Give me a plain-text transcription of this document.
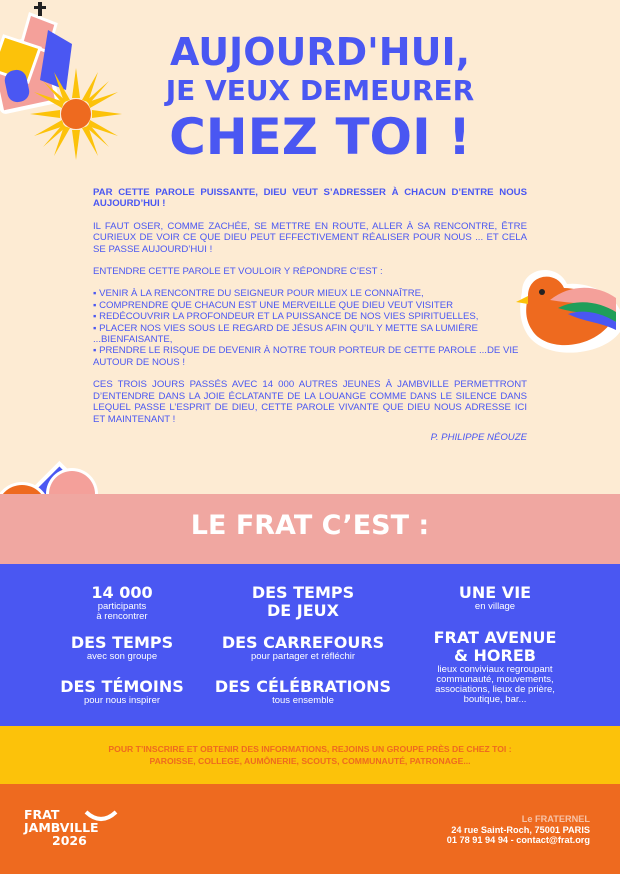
AUJOURD'HUI,
JE VEUX DEMEURER
CHEZ TOI !

PAR CETTE PAROLE PUISSANTE, DIEU VEUT S’ADRESSER À CHACUN D’ENTRE NOUS AUJOURD’HUI !

IL FAUT OSER, COMME ZACHÉE, SE METTRE EN ROUTE, ALLER À SA RENCONTRE, ÊTRE CURIEUX DE VOIR CE QUE DIEU PEUT EFFECTIVEMENT RÉALISER POUR NOUS ... ET CELA SE PASSE AUJOURD’HUI !

ENTENDRE CETTE PAROLE ET VOULOIR Y RÉPONDRE C’EST :

▪ VENIR À LA RENCONTRE DU SEIGNEUR POUR MIEUX LE CONNAÎTRE,

▪ COMPRENDRE QUE CHACUN EST UNE MERVEILLE QUE DIEU VEUT VISITER

▪ REDÉCOUVRIR LA PROFONDEUR ET LA PUISSANCE DE NOS VIES SPIRITUELLES,

▪ PLACER NOS VIES SOUS LE REGARD DE JÉSUS AFIN QU’IL Y METTE SA LUMIÈRE ...BIENFAISANTE,

▪ PRENDRE LE RISQUE DE DEVENIR À NOTRE TOUR PORTEUR DE CETTE PAROLE ...DE VIE AUTOUR DE NOUS !

CES TROIS JOURS PASSÉS AVEC 14 000 AUTRES JEUNES À JAMBVILLE PERMETTRONT D’ENTENDRE DANS LA JOIE ÉCLATANTE DE LA LOUANGE COMME DANS LE SILENCE DANS LEQUEL PASSE L’ESPRIT DE DIEU, CETTE PAROLE VIVANTE QUE DIEU NOUS ADRESSE ICI ET MAINTENANT !

P. PHILIPPE NÉOUZE

LE FRAT C’EST :
14 000
participants
à rencontrer
DES TEMPS
DE JEUX
UNE VIE
en village
DES TEMPS
avec son groupe
DES CARREFOURS
pour partager et réfléchir
FRAT AVENUE
& HOREB
lieux conviviaux regroupant
communauté, mouvements,
associations, lieux de prière,
boutique, bar...
DES TÉMOINS
pour nous inspirer
DES CÉLÉBRATIONS
tous ensemble
POUR T’INSCRIRE ET OBTENIR DES INFORMATIONS, REJOINS UN GROUPE PRÈS DE CHEZ TOI :
PAROISSE, COLLEGE, AUMÔNERIE, SCOUTS, COMMUNAUTÉ, PATRONAGE...
FRAT
JAMBVILLE
2026
Le FRATERNEL
24 rue Saint-Roch, 75001 PARIS
01 78 91 94 94 - contact@frat.org
